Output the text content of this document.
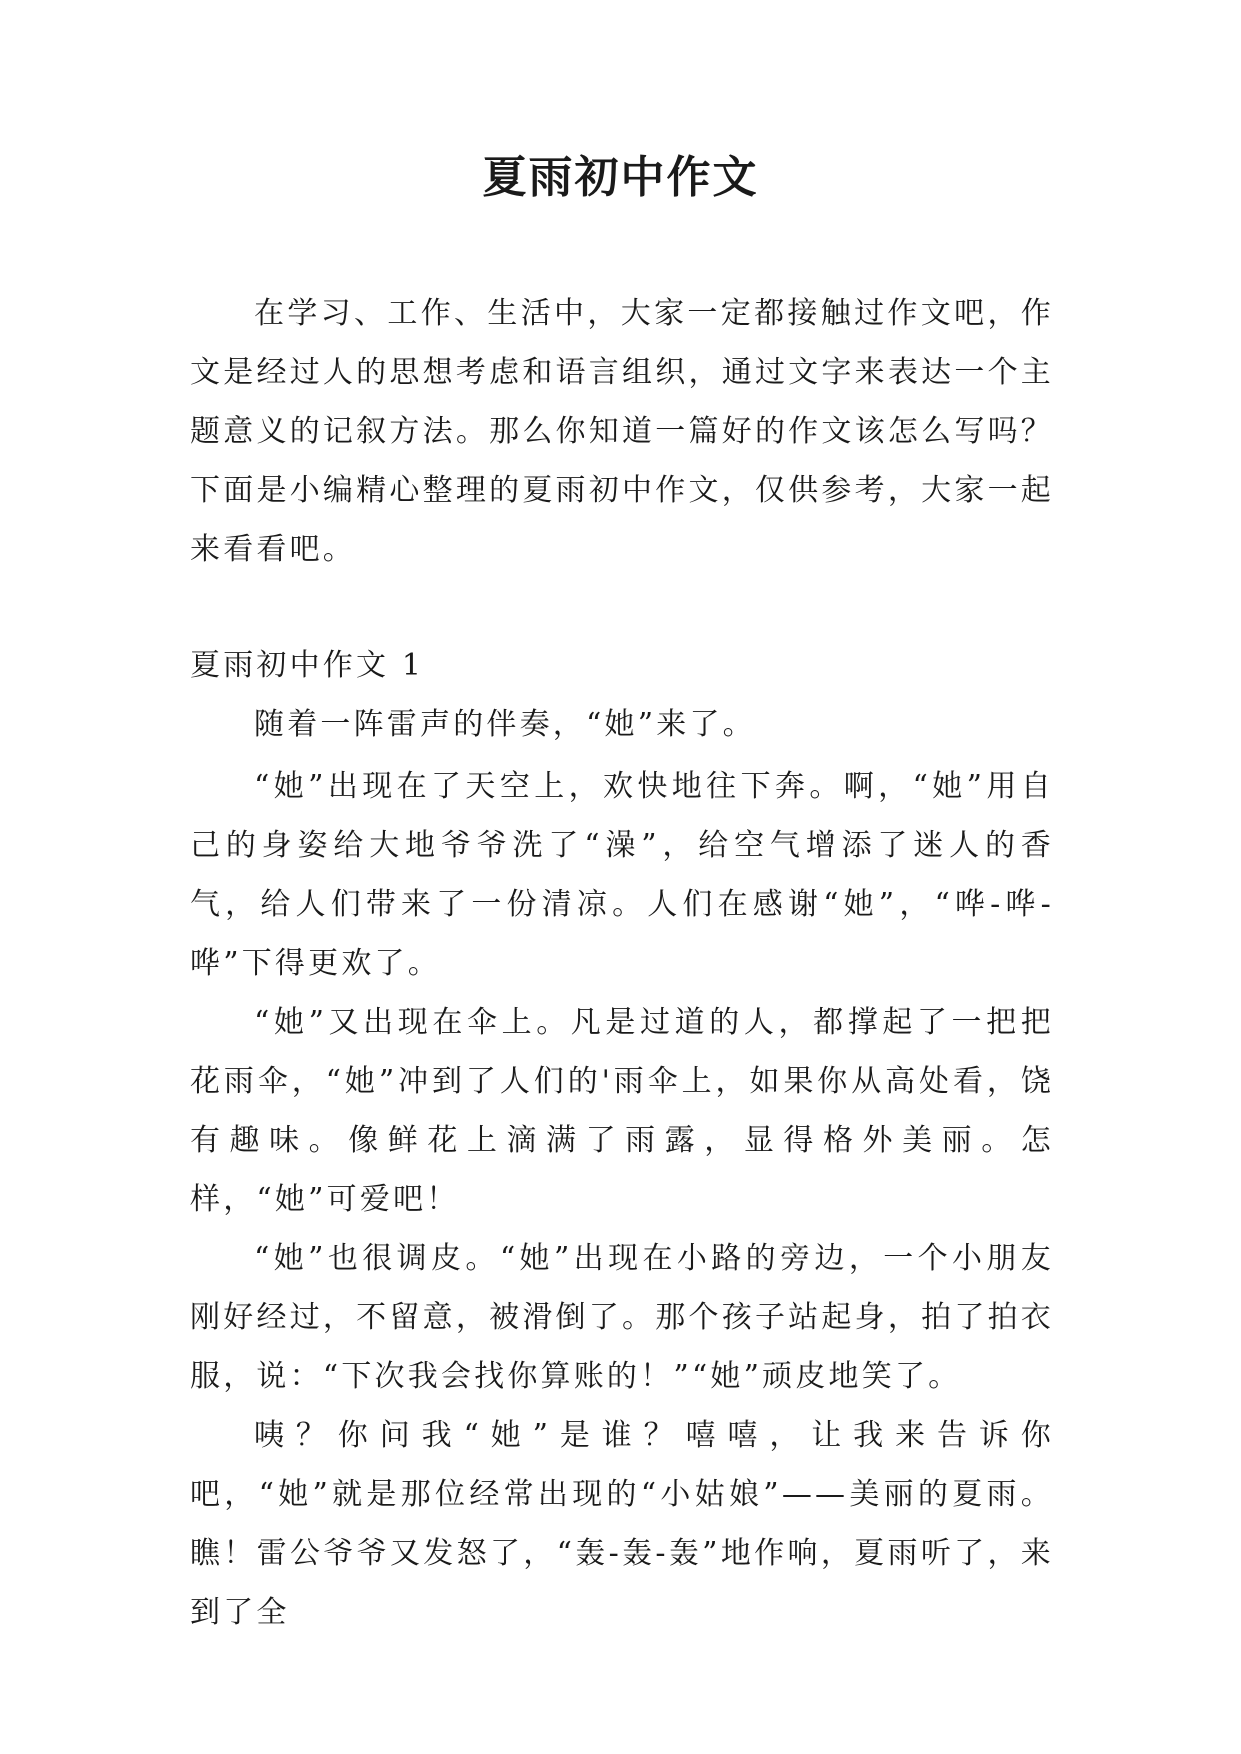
夏雨初中作文

在学习、工作、生活中，大家一定都接触过作文吧，作文是经过人的思想考虑和语言组织，通过文字来表达一个主题意义的记叙方法。那么你知道一篇好的作文该怎么写吗？下面是小编精心整理的夏雨初中作文，仅供参考，大家一起来看看吧。

夏雨初中作文 1

随着一阵雷声的伴奏，“她”来了。

“她”出现在了天空上，欢快地往下奔。啊，“她”用自己的身姿给大地爷爷洗了“澡”，给空气增添了迷人的香气，给人们带来了一份清凉。人们在感谢“她”，“哗-哗-哗”下得更欢了。

“她”又出现在伞上。凡是过道的人，都撑起了一把把花雨伞，“她”冲到了人们的'雨伞上，如果你从高处看，饶有趣味。像鲜花上滴满了雨露，显得格外美丽。怎样，“她”可爱吧！

“她”也很调皮。“她”出现在小路的旁边，一个小朋友刚好经过，不留意，被滑倒了。那个孩子站起身，拍了拍衣服，说：“下次我会找你算账的！”“她”顽皮地笑了。

咦？你问我“她”是谁？嘻嘻，让我来告诉你吧，“她”就是那位经常出现的“小姑娘”——美丽的夏雨。瞧！雷公爷爷又发怒了，“轰-轰-轰”地作响，夏雨听了，来到了全
